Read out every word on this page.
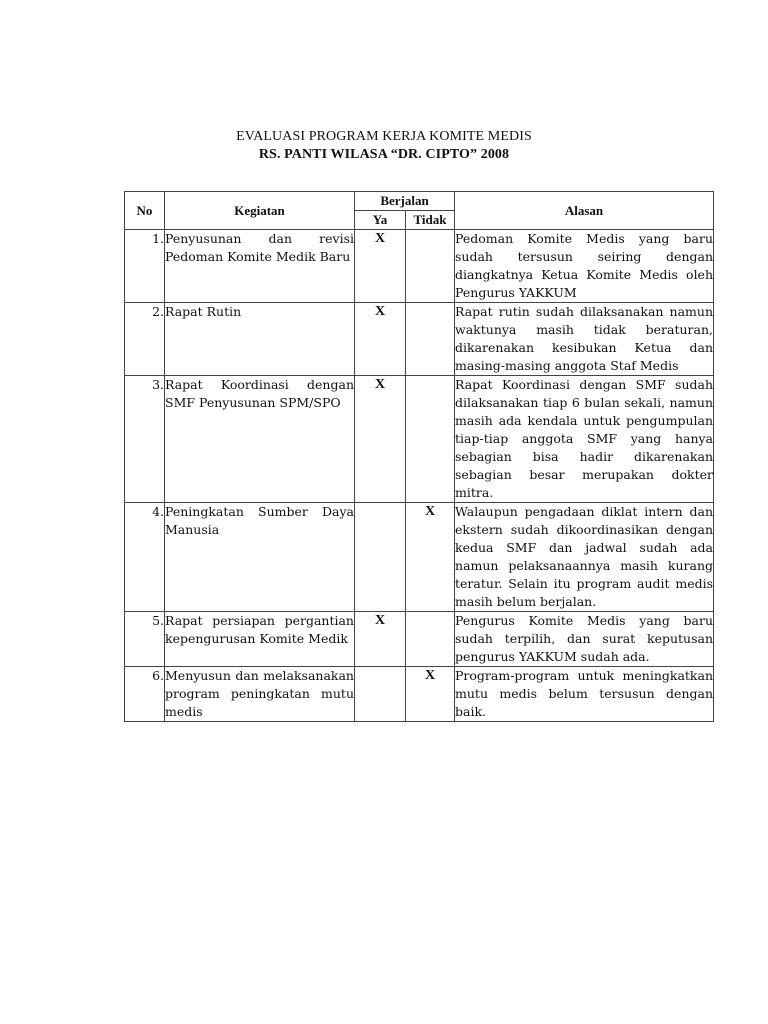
EVALUASI PROGRAM KERJA KOMITE MEDIS
RS. PANTI WILASA “DR. CIPTO” 2008
No	Kegiatan	Berjalan		Alasan
		Ya	Tidak	
1.	Penyusunan dan revisi Pedoman Komite Medik Baru	X		Pedoman Komite Medis yang baru sudah tersusun seiring dengan diangkatnya Ketua Komite Medis oleh Pengurus YAKKUM
2.	Rapat Rutin	X		Rapat rutin sudah dilaksanakan namun waktunya masih tidak beraturan, dikarenakan kesibukan Ketua dan masing-masing anggota Staf Medis
3.	Rapat Koordinasi dengan SMF Penyusunan SPM/SPO	X		Rapat Koordinasi dengan SMF sudah dilaksanakan tiap 6 bulan sekali, namun masih ada kendala untuk pengumpulan tiap-tiap anggota SMF yang hanya sebagian bisa hadir dikarenakan sebagian besar merupakan dokter mitra.
4.	Peningkatan Sumber Daya Manusia		X	Walaupun pengadaan diklat intern dan ekstern sudah dikoordinasikan dengan kedua SMF dan jadwal sudah ada namun pelaksanaannya masih kurang teratur. Selain itu program audit medis masih belum berjalan.
5.	Rapat persiapan pergantian kepengurusan Komite Medik	X		Pengurus Komite Medis yang baru sudah terpilih, dan surat keputusan pengurus YAKKUM sudah ada.
6.	Menyusun dan melaksanakan program peningkatan mutu medis		X	Program-program untuk meningkatkan mutu medis belum tersusun dengan baik.
